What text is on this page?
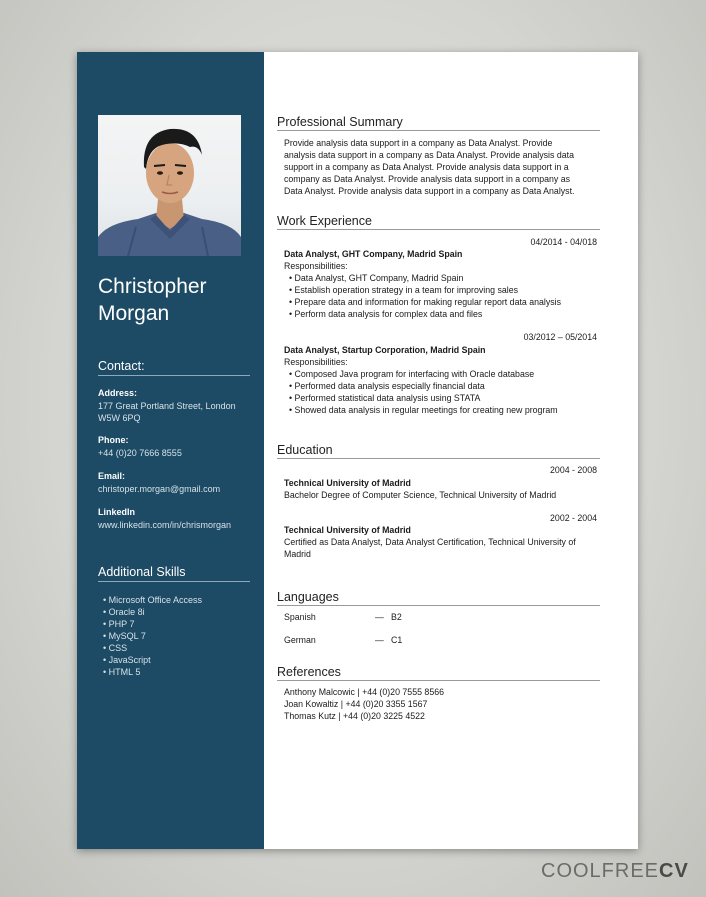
Christopher
Morgan
Contact:
Address:
177 Great Portland Street, London
W5W 6PQ
Phone:
+44 (0)20 7666 8555
Email:
christoper.morgan@gmail.com
LinkedIn
www.linkedin.com/in/chrismorgan
Additional Skills
• Microsoft Office Access
• Oracle 8i
• PHP 7
• MySQL 7
• CSS
• JavaScript
• HTML 5
Professional Summary
Provide analysis data support in a company as Data Analyst. Provide
analysis data support in a company as Data Analyst. Provide analysis data
support in a company as Data Analyst. Provide analysis data support in a
company as Data Analyst. Provide analysis data support in a company as
Data Analyst. Provide analysis data support in a company as Data Analyst.
Work Experience
04/2014 - 04/018
Data Analyst, GHT Company, Madrid Spain
Responsibilities:
• Data Analyst, GHT Company, Madrid Spain
• Establish operation strategy in a team for improving sales
• Prepare data and information for making regular report data analysis
• Perform data analysis for complex data and files
03/2012 – 05/2014
Data Analyst, Startup Corporation, Madrid Spain
Responsibilities:
• Composed Java program for interfacing with Oracle database
• Performed data analysis especially financial data
• Performed statistical data analysis using STATA
• Showed data analysis in regular meetings for creating new program
Education
2004 - 2008
Technical University of Madrid
Bachelor Degree of Computer Science, Technical University of Madrid
2002 - 2004
Technical University of Madrid
Certified as Data Analyst, Data Analyst Certification, Technical University of
Madrid
Languages
Spanish	— B2
German	— C1
References
Anthony Malcowic | +44 (0)20 7555 8566
Joan Kowaltiz | +44 (0)20 3355 1567
Thomas Kutz | +44 (0)20 3225 4522
COOLFREECV
